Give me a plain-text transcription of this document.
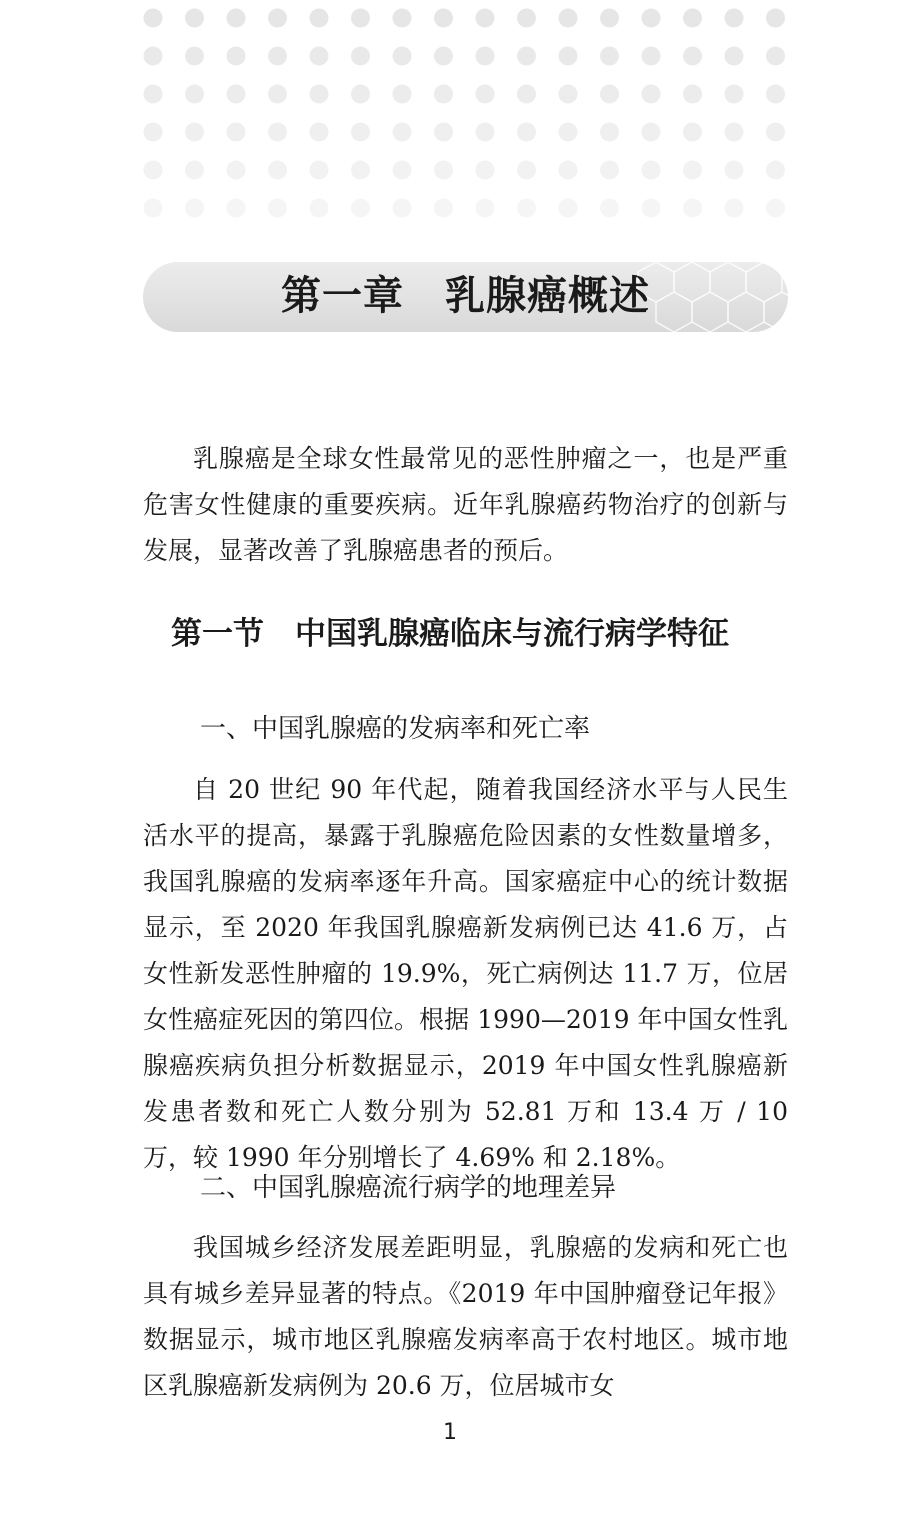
第一章　乳腺癌概述

乳腺癌是全球女性最常见的恶性肿瘤之一，也是严重危害女性健康的重要疾病。近年乳腺癌药物治疗的创新与发展，显著改善了乳腺癌患者的预后。

第一节　中国乳腺癌临床与流行病学特征
一、中国乳腺癌的发病率和死亡率

自 20 世纪 90 年代起，随着我国经济水平与人民生活水平的提高，暴露于乳腺癌危险因素的女性数量增多，我国乳腺癌的发病率逐年升高。国家癌症中心的统计数据显示，至 2020 年我国乳腺癌新发病例已达 41.6 万，占女性新发恶性肿瘤的 19.9%，死亡病例达 11.7 万，位居女性癌症死因的第四位。根据 1990—2019 年中国女性乳腺癌疾病负担分析数据显示，2019 年中国女性乳腺癌新发患者数和死亡人数分别为 52.81 万和 13.4 万 / 10 万，较 1990 年分别增长了 4.69% 和 2.18%。

二、中国乳腺癌流行病学的地理差异

我国城乡经济发展差距明显，乳腺癌的发病和死亡也具有城乡差异显著的特点。《2019 年中国肿瘤登记年报》数据显示，城市地区乳腺癌发病率高于农村地区。城市地区乳腺癌新发病例为 20.6 万，位居城市女

1
